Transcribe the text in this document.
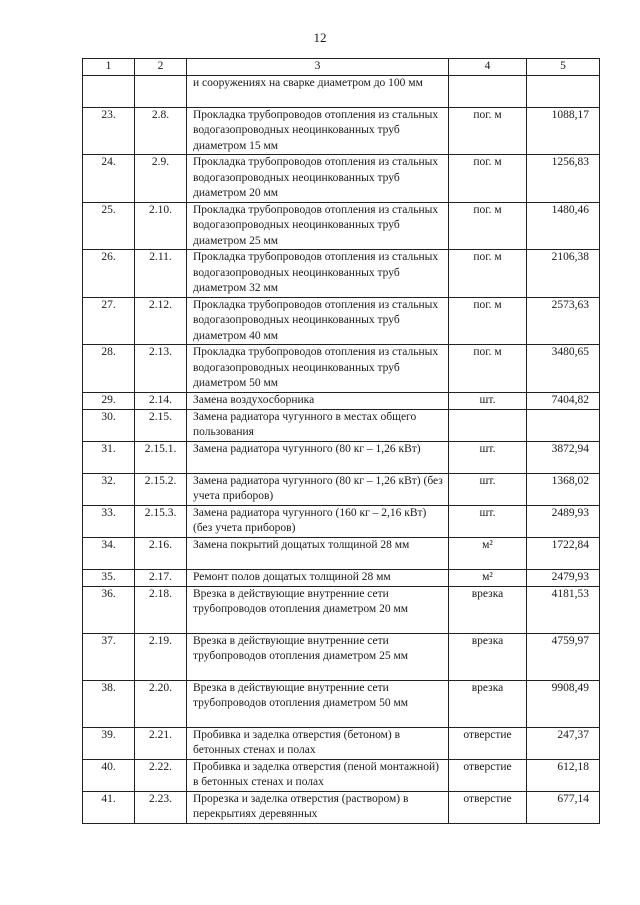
12
1	2	3	4	5
		и сооружениях на сварке диаметром до 100 мм		
23.	2.8.	Прокладка трубопроводов отопления из стальных водогазопроводных неоцинкованных труб диаметром 15 мм	пог. м	1088,17
24.	2.9.	Прокладка трубопроводов отопления из стальных водогазопроводных неоцинкованных труб диаметром 20 мм	пог. м	1256,83
25.	2.10.	Прокладка трубопроводов отопления из стальных водогазопроводных неоцинкованных труб диаметром 25 мм	пог. м	1480,46
26.	2.11.	Прокладка трубопроводов отопления из стальных водогазопроводных неоцинкованных труб диаметром 32 мм	пог. м	2106,38
27.	2.12.	Прокладка трубопроводов отопления из стальных водогазопроводных неоцинкованных труб диаметром 40 мм	пог. м	2573,63
28.	2.13.	Прокладка трубопроводов отопления из стальных водогазопроводных неоцинкованных труб диаметром 50 мм	пог. м	3480,65
29.	2.14.	Замена воздухосборника	шт.	7404,82
30.	2.15.	Замена радиатора чугунного в местах общего пользования		
31.	2.15.1.	Замена радиатора чугунного (80 кг – 1,26 кВт)	шт.	3872,94
32.	2.15.2.	Замена радиатора чугунного (80 кг – 1,26 кВт) (без учета приборов)	шт.	1368,02
33.	2.15.3.	Замена радиатора чугунного (160 кг – 2,16 кВт) (без учета приборов)	шт.	2489,93
34.	2.16.	Замена покрытий дощатых толщиной 28 мм	м²	1722,84
35.	2.17.	Ремонт полов дощатых толщиной 28 мм	м²	2479,93
36.	2.18.	Врезка в действующие внутренние сети трубопроводов отопления диаметром 20 мм	врезка	4181,53
37.	2.19.	Врезка в действующие внутренние сети трубопроводов отопления диаметром 25 мм	врезка	4759,97
38.	2.20.	Врезка в действующие внутренние сети трубопроводов отопления диаметром 50 мм	врезка	9908,49
39.	2.21.	Пробивка и заделка отверстия (бетоном) в бетонных стенах и полах	отверстие	247,37
40.	2.22.	Пробивка и заделка отверстия (пеной монтажной) в бетонных стенах и полах	отверстие	612,18
41.	2.23.	Прорезка и заделка отверстия (раствором) в перекрытиях деревянных	отверстие	677,14
